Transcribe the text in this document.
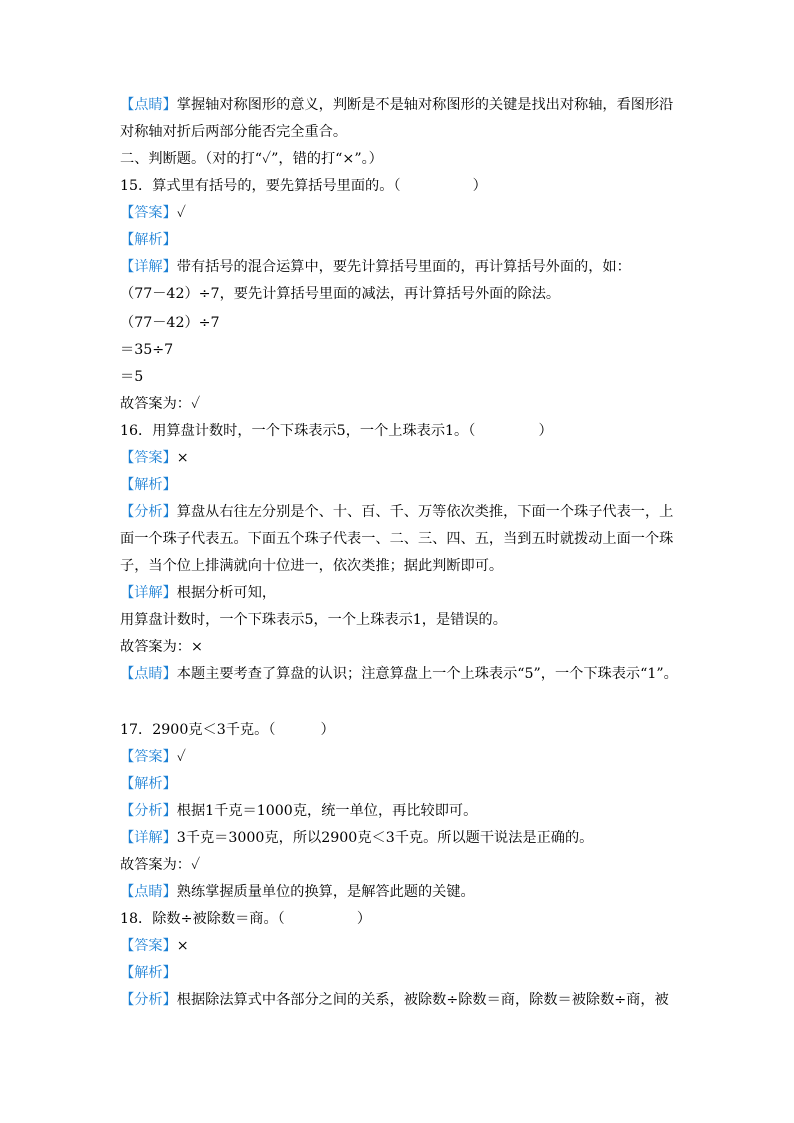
【点睛】掌握轴对称图形的意义，判断是不是轴对称图形的关键是找出对称轴，看图形沿

对称轴对折后两部分能否完全重合。

二、判断题。（对的打“✓”，错的打“×”。）

15．算式里有括号的，要先算括号里面的。（                ）

【答案】✓

【解析】

【详解】带有括号的混合运算中，要先计算括号里面的，再计算括号外面的，如：

（77－42）÷7，要先计算括号里面的减法，再计算括号外面的除法。

（77－42）÷7

＝35÷7

＝5

故答案为：✓

16．用算盘计数时，一个下珠表示5，一个上珠表示1。（              ）

【答案】×

【解析】

【分析】算盘从右往左分别是个、十、百、千、万等依次类推，下面一个珠子代表一，上

面一个珠子代表五。下面五个珠子代表一、二、三、四、五，当到五时就拨动上面一个珠

子，当个位上排满就向十位进一，依次类推；据此判断即可。

【详解】根据分析可知，

用算盘计数时，一个下珠表示5，一个上珠表示1，是错误的。

故答案为：×

【点睛】本题主要考查了算盘的认识；注意算盘上一个上珠表示“5”，一个下珠表示“1”。

17．2900克＜3千克。（          ）

【答案】✓

【解析】

【分析】根据1千克＝1000克，统一单位，再比较即可。

【详解】3千克＝3000克，所以2900克＜3千克。所以题干说法是正确的。

故答案为：✓

【点睛】熟练掌握质量单位的换算，是解答此题的关键。

18．除数÷被除数＝商。（                ）

【答案】×

【解析】

【分析】根据除法算式中各部分之间的关系，被除数÷除数＝商，除数＝被除数÷商，被
